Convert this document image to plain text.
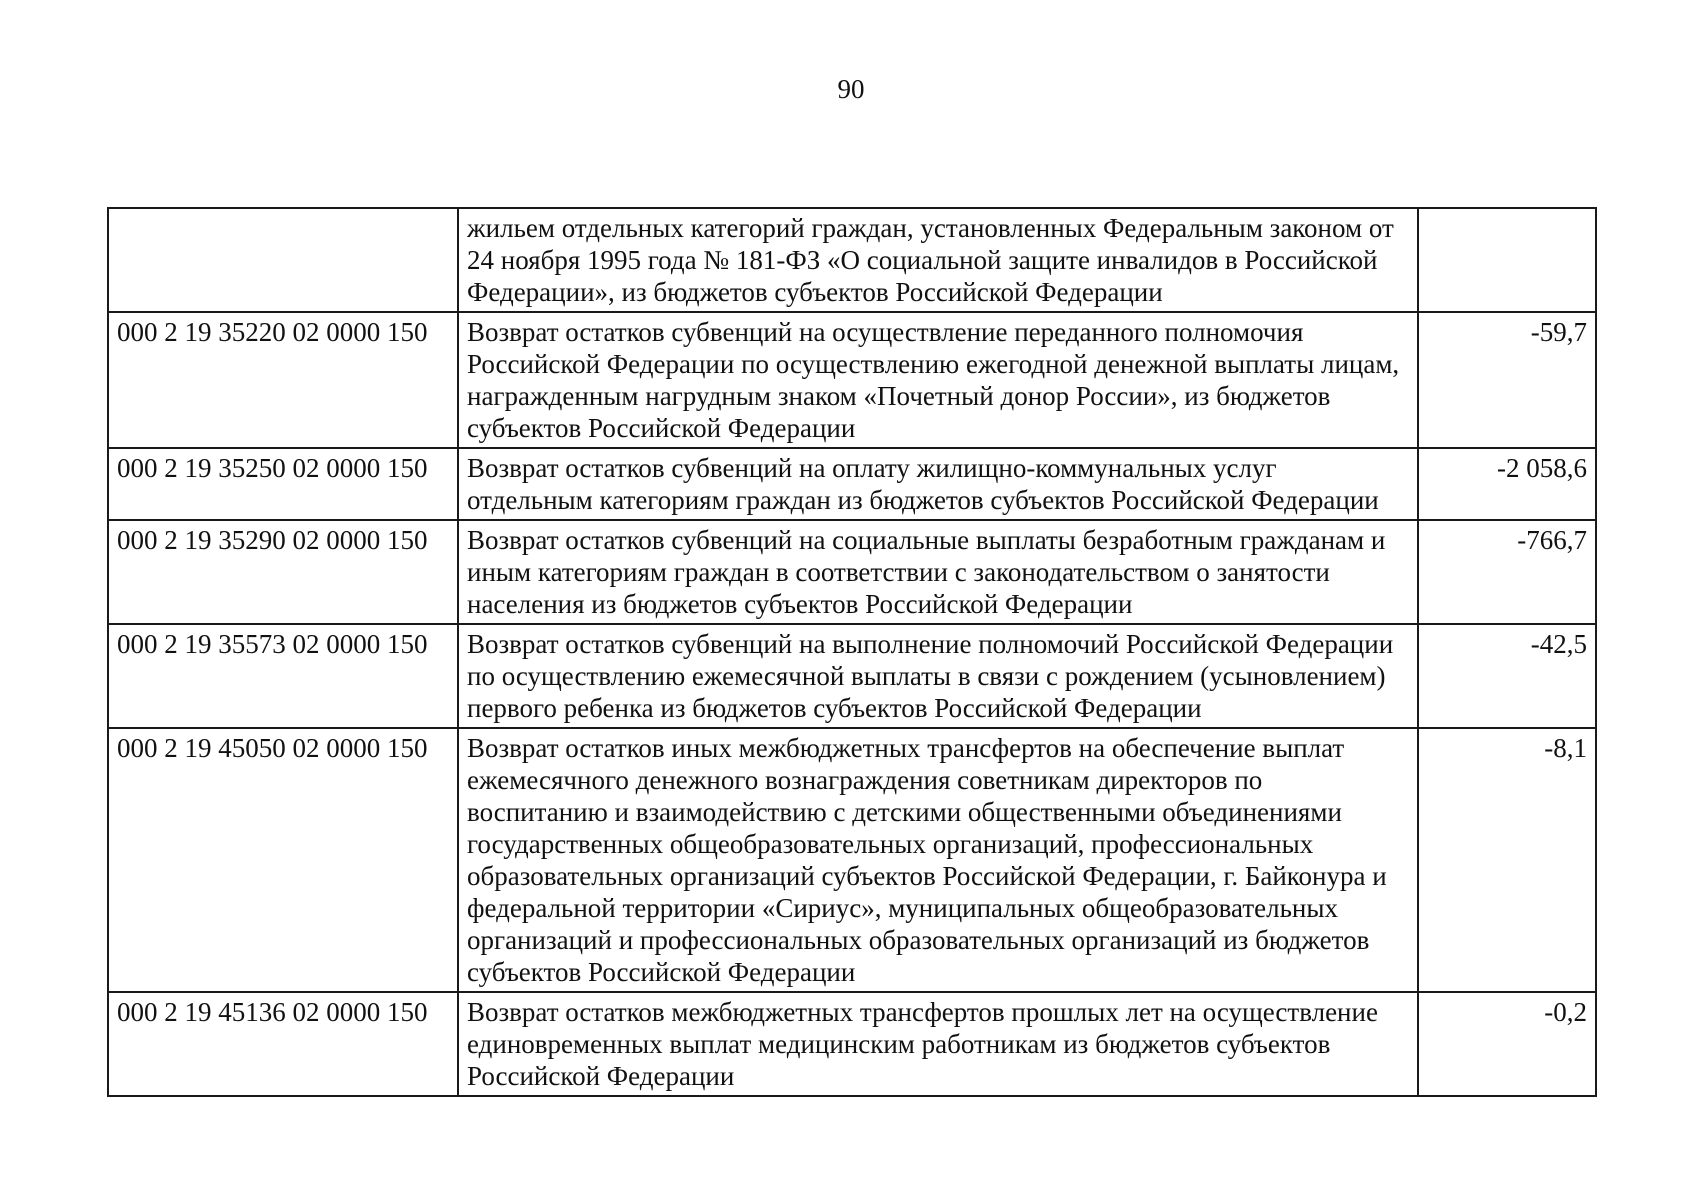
90
	жильем отдельных категорий граждан, установленных Федеральным законом от 24 ноября 1995 года № 181-ФЗ «О социальной защите инвалидов в Российской Федерации», из бюджетов субъектов Российской Федерации	
000 2 19 35220 02 0000 150	Возврат остатков субвенций на осуществление переданного полномочия Российской Федерации по осуществлению ежегодной денежной выплаты лицам, награжденным нагрудным знаком «Почетный донор России», из бюджетов субъектов Российской Федерации	-59,7
000 2 19 35250 02 0000 150	Возврат остатков субвенций на оплату жилищно-коммунальных услуг отдельным категориям граждан из бюджетов субъектов Российской Федерации	-2 058,6
000 2 19 35290 02 0000 150	Возврат остатков субвенций на социальные выплаты безработным гражданам и иным категориям граждан в соответствии с законодательством о занятости населения из бюджетов субъектов Российской Федерации	-766,7
000 2 19 35573 02 0000 150	Возврат остатков субвенций на выполнение полномочий Российской Федерации по осуществлению ежемесячной выплаты в связи с рождением (усыновлением) первого ребенка из бюджетов субъектов Российской Федерации	-42,5
000 2 19 45050 02 0000 150	Возврат остатков иных межбюджетных трансфертов на обеспечение выплат ежемесячного денежного вознаграждения советникам директоров по воспитанию и взаимодействию с детскими общественными объединениями государственных общеобразовательных организаций, профессиональных образовательных организаций субъектов Российской Федерации, г. Байконура и федеральной территории «Сириус», муниципальных общеобразовательных организаций и профессиональных образовательных организаций из бюджетов субъектов Российской Федерации	-8,1
000 2 19 45136 02 0000 150	Возврат остатков межбюджетных трансфертов прошлых лет на осуществление единовременных выплат медицинским работникам из бюджетов субъектов Российской Федерации	-0,2
